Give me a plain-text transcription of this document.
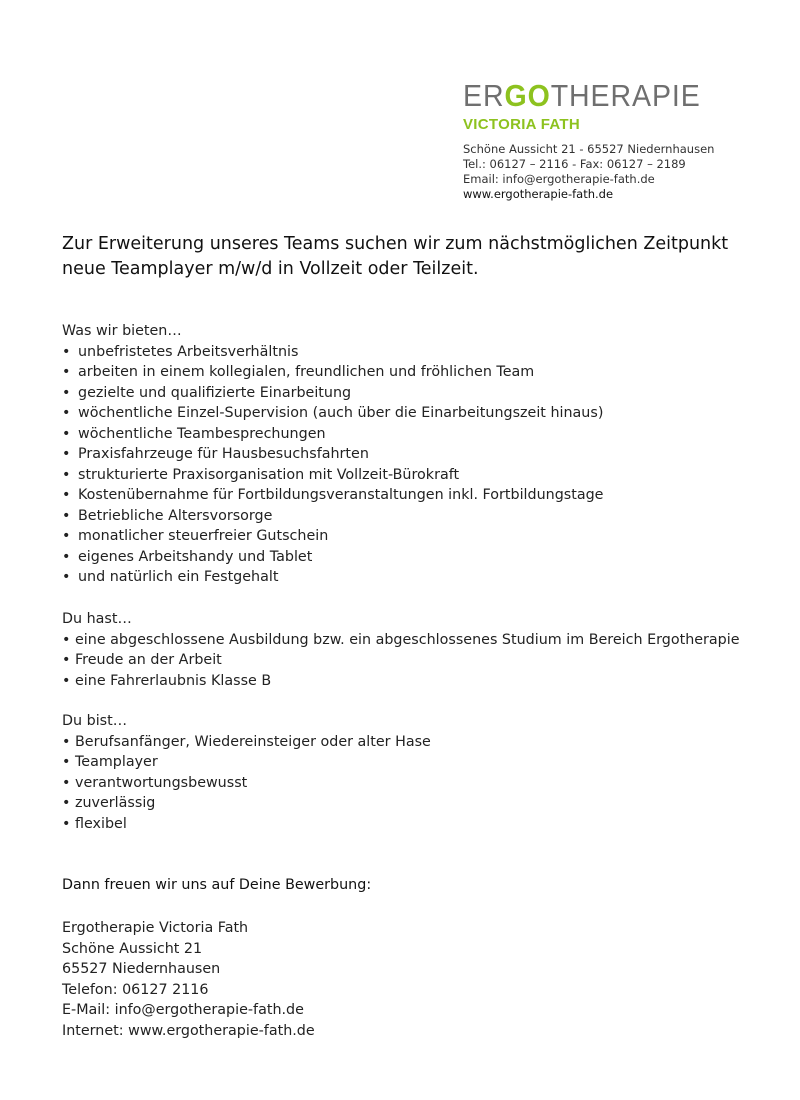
ERGOTHERAPIE
VICTORIA FATH
Schöne Aussicht 21 - 65527 Niedernhausen
Tel.: 06127 – 2116 - Fax: 06127 – 2189
Email: info@ergotherapie-fath.de
www.ergotherapie-fath.de
Zur Erweiterung unseres Teams suchen wir zum nächstmöglichen Zeitpunkt
neue Teamplayer m/w/d in Vollzeit oder Teilzeit.
Was wir bieten…
• unbefristetes Arbeitsverhältnis
• arbeiten in einem kollegialen, freundlichen und fröhlichen Team
• gezielte und qualifizierte Einarbeitung
• wöchentliche Einzel-Supervision (auch über die Einarbeitungszeit hinaus)
• wöchentliche Teambesprechungen
• Praxisfahrzeuge für Hausbesuchsfahrten
• strukturierte Praxisorganisation mit Vollzeit-Bürokraft
• Kostenübernahme für Fortbildungsveranstaltungen inkl. Fortbildungstage
• Betriebliche Altersvorsorge
• monatlicher steuerfreier Gutschein
• eigenes Arbeitshandy und Tablet
• und natürlich ein Festgehalt
Du hast…
• eine abgeschlossene Ausbildung bzw. ein abgeschlossenes Studium im Bereich Ergotherapie
• Freude an der Arbeit
• eine Fahrerlaubnis Klasse B
Du bist…
• Berufsanfänger, Wiedereinsteiger oder alter Hase
• Teamplayer
• verantwortungsbewusst
• zuverlässig
• flexibel
Dann freuen wir uns auf Deine Bewerbung:
Ergotherapie Victoria Fath
Schöne Aussicht 21
65527 Niedernhausen
Telefon: 06127 2116
E-Mail: info@ergotherapie-fath.de
Internet: www.ergotherapie-fath.de
